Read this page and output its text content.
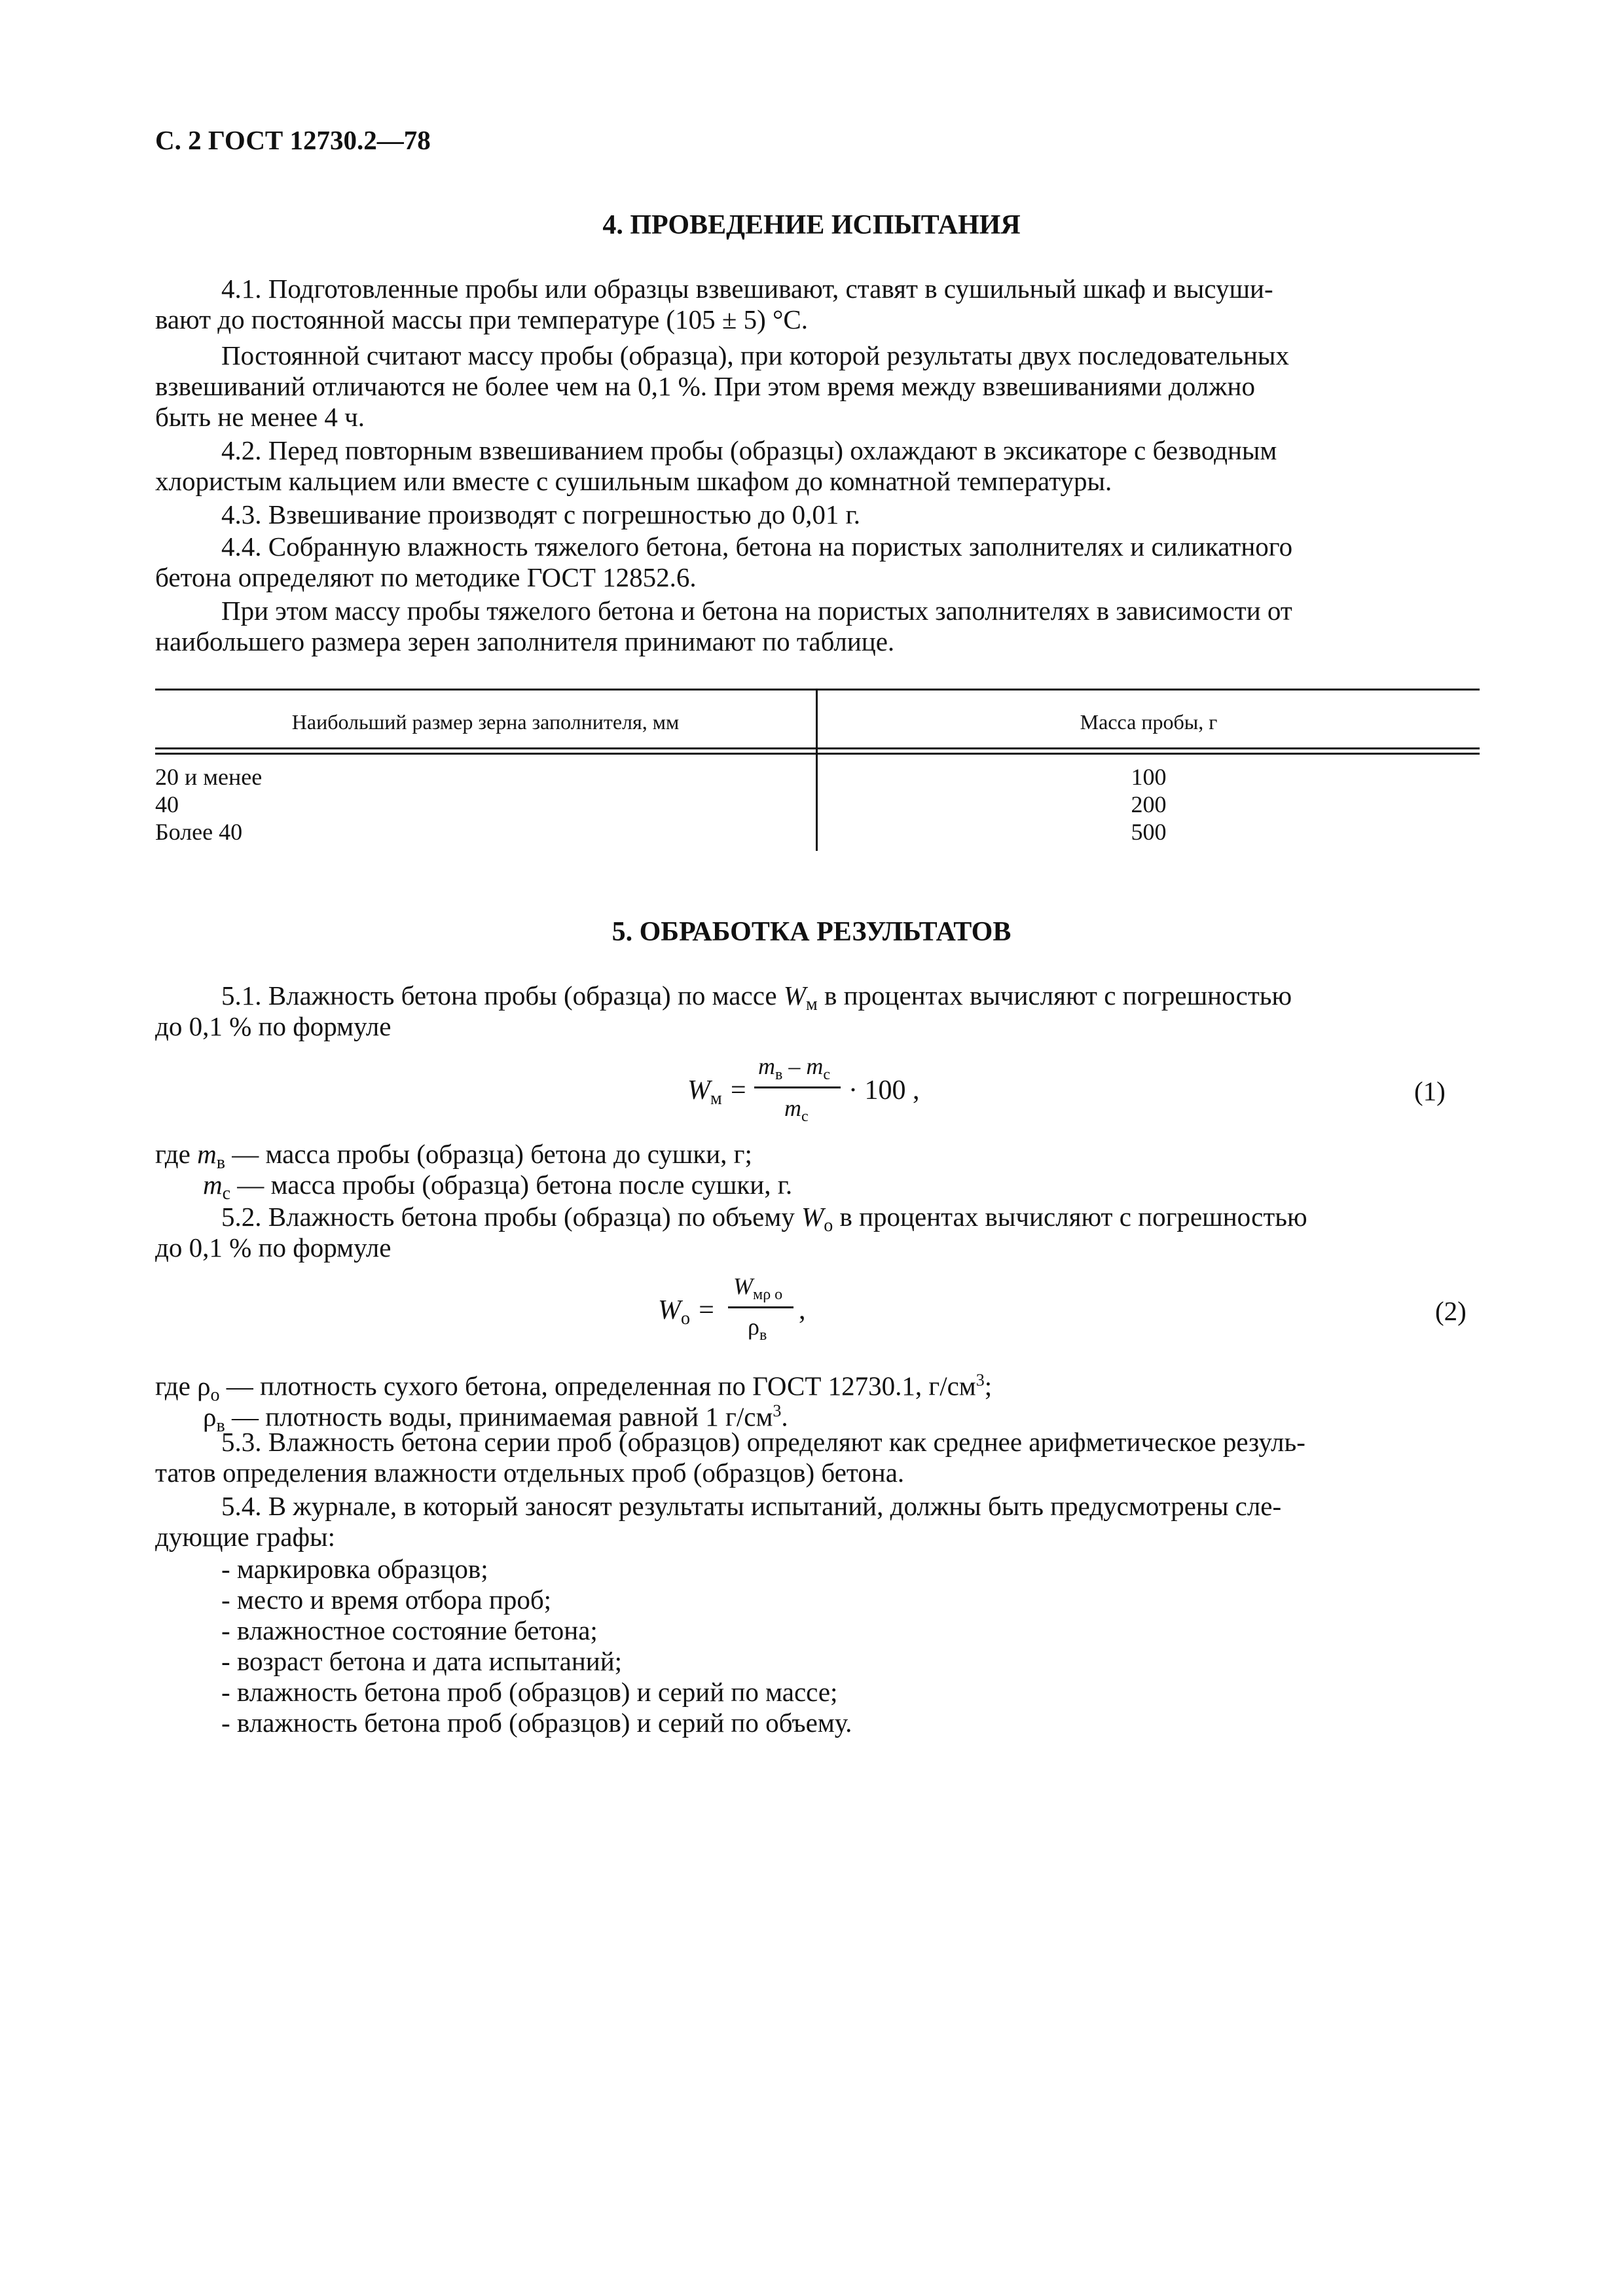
С. 2 ГОСТ 12730.2—78
4. ПРОВЕДЕНИЕ ИСПЫТАНИЯ
4.1. Подготовленные пробы или образцы взвешивают, ставят в сушильный шкаф и высуши-
вают до постоянной массы при температуре (105 ± 5) °С.
Постоянной считают массу пробы (образца), при которой результаты двух последовательных
взвешиваний отличаются не более чем на 0,1 %. При этом время между взвешиваниями должно
быть не менее 4 ч.
4.2. Перед повторным взвешиванием пробы (образцы) охлаждают в эксикаторе с безводным
хлористым кальцием или вместе с сушильным шкафом до комнатной температуры.
4.3. Взвешивание производят с погрешностью до 0,01 г.
4.4. Собранную влажность тяжелого бетона, бетона на пористых заполнителях и силикатного
бетона определяют по методике ГОСТ 12852.6.
При этом массу пробы тяжелого бетона и бетона на пористых заполнителях в зависимости от
наибольшего размера зерен заполнителя принимают по таблице.
Наибольший размер зерна заполнителя, мм	Масса пробы, г
20 и менее	100
40	200
Более 40	500
5. ОБРАБОТКА РЕЗУЛЬТАТОВ
5.1. Влажность бетона пробы (образца) по массе Wм в процентах вычисляют с погрешностью
до 0,1 % по формуле
Wм =
$m_в - m_с$
$m_с$
· 100 ,	(1)
где mв — масса пробы (образца) бетона до сушки, г;
mс — масса пробы (образца) бетона после сушки, г.
5.2. Влажность бетона пробы (образца) по объему Wо в процентах вычисляют с погрешностью
до 0,1 % по формуле
Wо =
$W_{м\rho о}$
$\rho_в$
,	(2)
где ρо — плотность сухого бетона, определенная по ГОСТ 12730.1, $г/см^3$;
ρв — плотность воды, принимаемая равной 1 $г/см^3$.
5.3. Влажность бетона серии проб (образцов) определяют как среднее арифметическое резуль-
татов определения влажности отдельных проб (образцов) бетона.
5.4. В журнале, в который заносят результаты испытаний, должны быть предусмотрены сле-
дующие графы:
- маркировка образцов;
- место и время отбора проб;
- влажностное состояние бетона;
- возраст бетона и дата испытаний;
- влажность бетона проб (образцов) и серий по массе;
- влажность бетона проб (образцов) и серий по объему.
